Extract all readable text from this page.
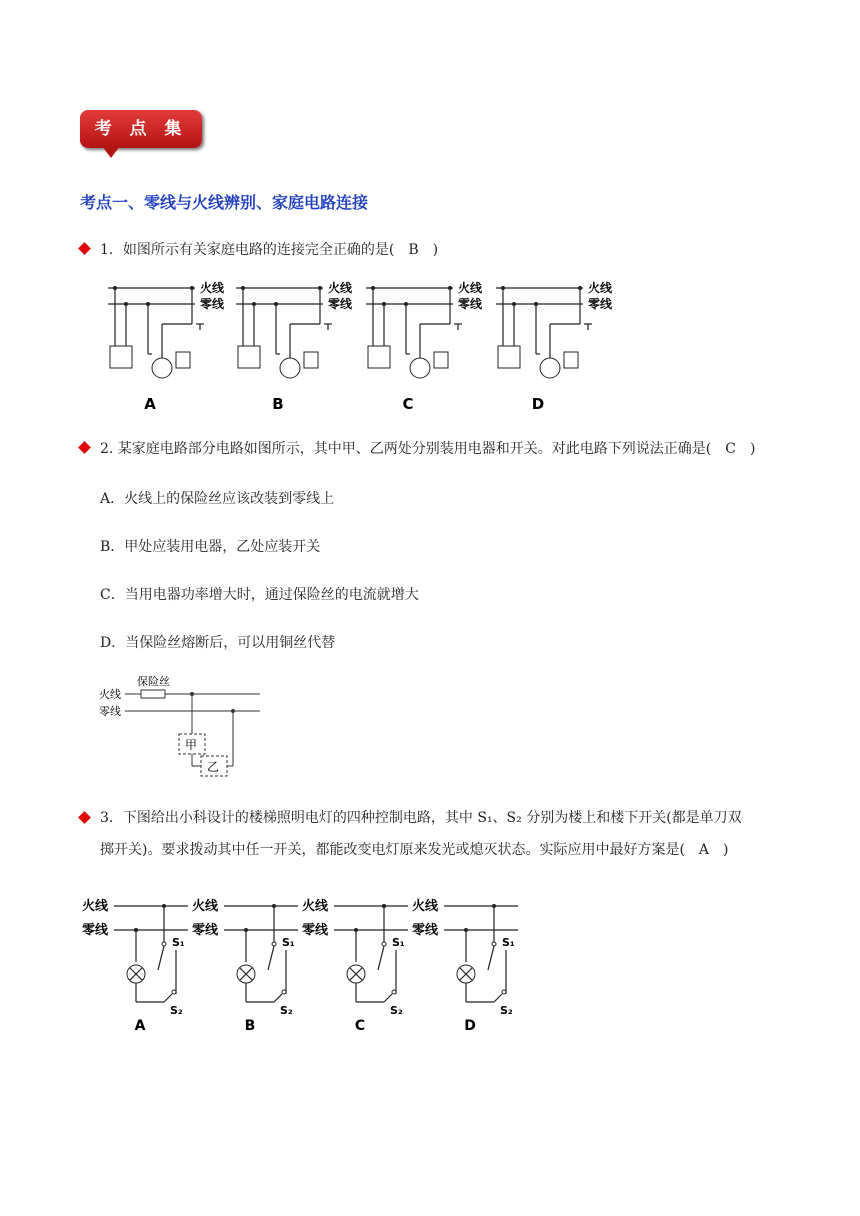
考 点 集 训
考点一、零线与火线辨别、家庭电路连接
1．如图所示有关家庭电路的连接完全正确的是(　B　)
火线
零线
A
火线
零线
B
火线
零线
C
火线
零线
D
2. 某家庭电路部分电路如图所示，其中甲、乙两处分别装用电器和开关。对此电路下列说法正确是(　C　)
A．火线上的保险丝应该改装到零线上
B．甲处应装用电器，乙处应装开关
C．当用电器功率增大时，通过保险丝的电流就增大
D．当保险丝熔断后，可以用铜丝代替
保险丝
火线
零线
甲
乙
3．下图给出小科设计的楼梯照明电灯的四种控制电路，其中 S₁、S₂ 分别为楼上和楼下开关(都是单刀双
掷开关)。要求拨动其中任一开关，都能改变电灯原来发光或熄灭状态。实际应用中最好方案是(　A　)
火线
零线
S₁
S₂
A
火线
零线
S₁
S₂
B
火线
零线
S₁
S₂
C
火线
零线
S₁
S₂
D
